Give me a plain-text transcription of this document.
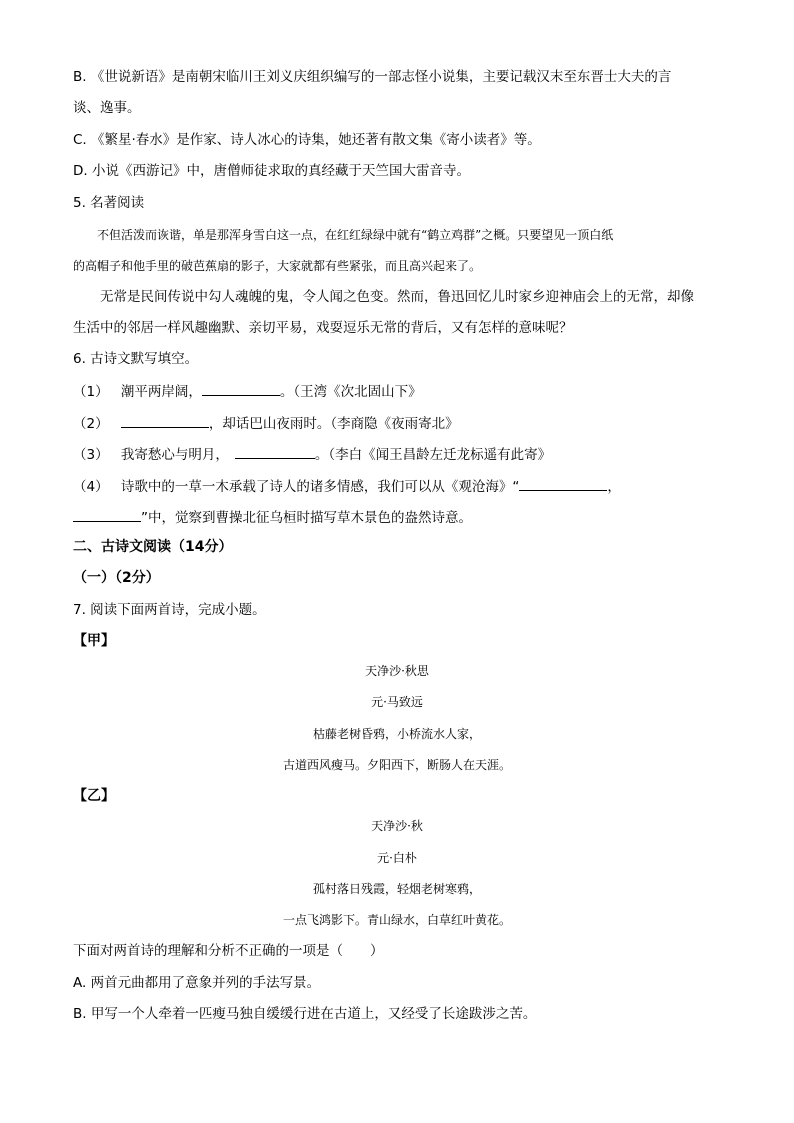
B. 《世说新语》是南朝宋临川王刘义庆组织编写的一部志怪小说集，主要记载汉末至东晋士大夫的言
谈、逸事。
C. 《繁星·春水》是作家、诗人冰心的诗集，她还著有散文集《寄小读者》等。
D. 小说《西游记》中，唐僧师徒求取的真经藏于天竺国大雷音寺。
5. 名著阅读
不但活泼而诙谐，单是那浑身雪白这一点，在红红绿绿中就有“鹤立鸡群”之概。只要望见一顶白纸
的高帽子和他手里的破芭蕉扇的影子，大家就都有些紧张，而且高兴起来了。
无常是民间传说中勾人魂魄的鬼，令人闻之色变。然而，鲁迅回忆儿时家乡迎神庙会上的无常，却像
生活中的邻居一样风趣幽默、亲切平易，戏耍逗乐无常的背后，又有怎样的意味呢？
6. 古诗文默写填空。
（1） 潮平两岸阔，	。（王湾《次北固山下》
（2）	，却话巴山夜雨时。（李商隐《夜雨寄北》
（3） 我寄愁心与明月，	。（李白《闻王昌龄左迁龙标遥有此寄》
（4） 诗歌中的一草一木承载了诗人的诸多情感，我们可以从《观沧海》“	，
”中，觉察到曹操北征乌桓时描写草木景色的盎然诗意。
二、古诗文阅读（14分）
（一）（2分）
7. 阅读下面两首诗，完成小题。
【甲】
天净沙·秋思
元·马致远
枯藤老树昏鸦，小桥流水人家，
古道西风瘦马。夕阳西下，断肠人在天涯。
【乙】
天净沙·秋
元·白朴
孤村落日残霞，轻烟老树寒鸦，
一点飞鸿影下。青山绿水，白草红叶黄花。
下面对两首诗的理解和分析不正确的一项是（　　）
A. 两首元曲都用了意象并列的手法写景。
B. 甲写一个人牵着一匹瘦马独自缓缓行进在古道上，又经受了长途跋涉之苦。
